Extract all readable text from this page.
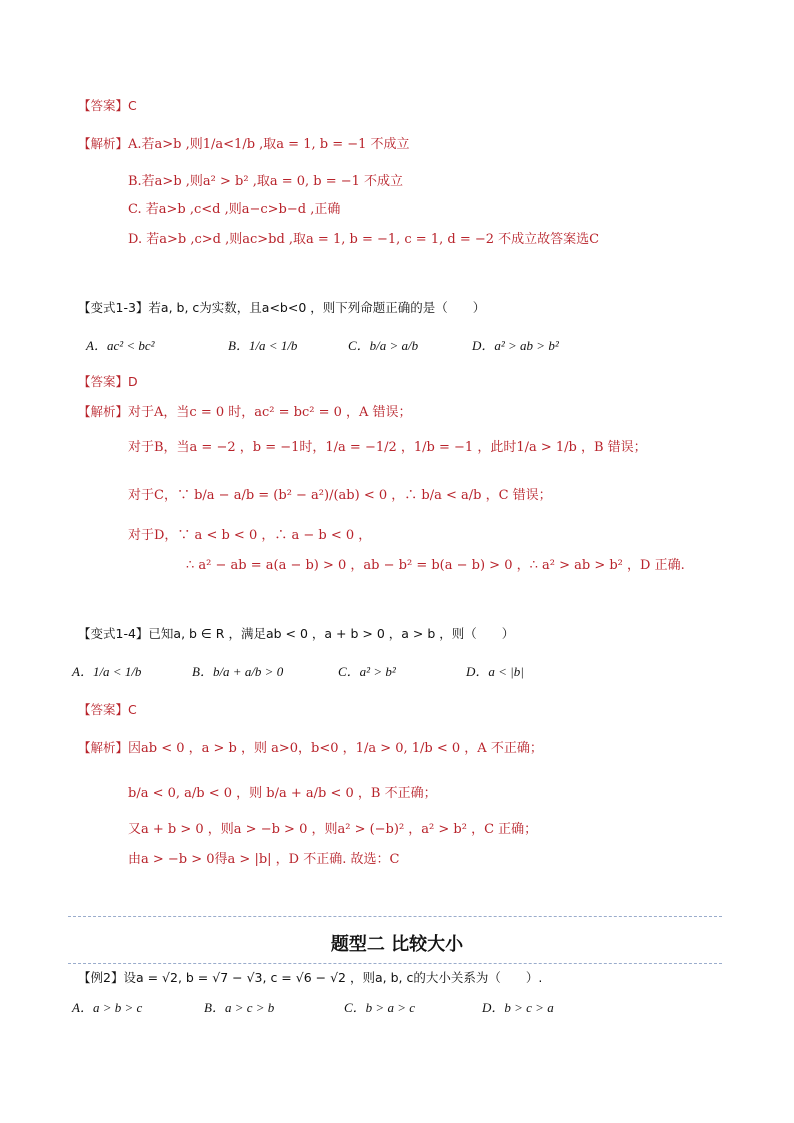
【答案】C
【解析】A.若a>b ,则1/a<1/b ,取a = 1, b = −1 不成立
B.若a>b ,则a² > b² ,取a = 0, b = −1 不成立
C. 若a>b ,c<d ,则a−c>b−d ,正确
D. 若a>b ,c>d ,则ac>bd ,取a = 1, b = −1, c = 1, d = −2 不成立故答案选C
【变式1-3】若a, b, c为实数，且a<b<0 ，则下列命题正确的是（　　）
A．ac² < bc²	B．1/a < 1/b	C．b/a > a/b	D．a² > ab > b²
【答案】D
【解析】对于A，当c = 0 时，ac² = bc² = 0 ，A 错误；
对于B，当a = −2 ，b = −1时，1/a = −1/2 ，1/b = −1 ，此时1/a > 1/b ，B 错误；
对于C，∵ b/a − a/b = (b² − a²)/(ab) < 0 ，∴ b/a < a/b ，C 错误；
对于D，∵ a < b < 0 ，∴ a − b < 0 ，
∴ a² − ab = a(a − b) > 0 ，ab − b² = b(a − b) > 0 ，∴ a² > ab > b² ，D 正确.
【变式1-4】已知a, b ∈ R ，满足ab < 0 ，a + b > 0 ，a > b ，则（　　）
A．1/a < 1/b	B．b/a + a/b > 0	C．a² > b²	D．a < |b|
【答案】C
【解析】因ab < 0 ，a > b ，则 a>0，b<0 ，1/a > 0, 1/b < 0 ，A 不正确；
b/a < 0, a/b < 0 ，则 b/a + a/b < 0 ，B 不正确；
又a + b > 0 ，则a > −b > 0 ，则a² > (−b)² ，a² > b² ，C 正确；
由a > −b > 0得a > |b| ，D 不正确. 故选：C
题型二 比较大小
【例2】设a = √2, b = √7 − √3, c = √6 − √2 ，则a, b, c的大小关系为（　　）.
A．a > b > c	B．a > c > b	C．b > a > c	D．b > c > a
